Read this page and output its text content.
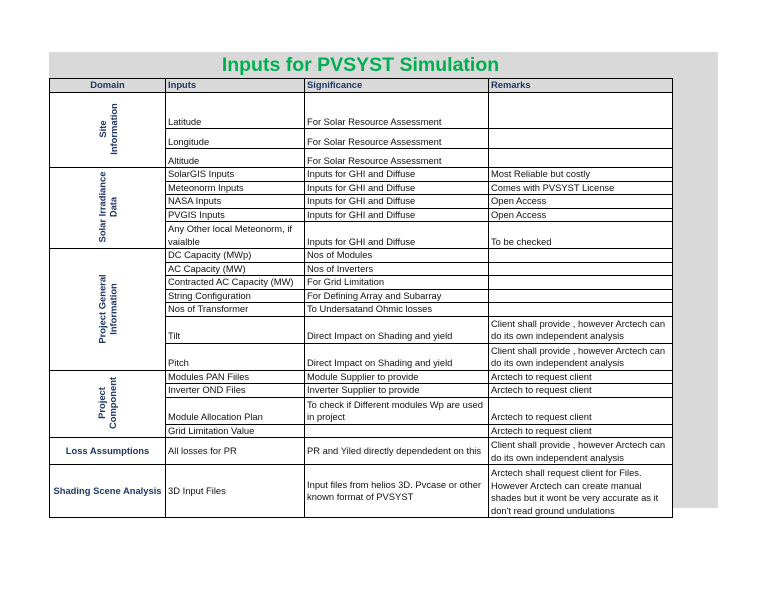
Inputs for PVSYST Simulation
Domain	Inputs	Significance	Remarks
Site
Information	Latitude	For Solar Resource Assessment	
	Longitude	For Solar Resource Assessment	
	Altitude	For Solar Resource Assessment	
Solar Irradiance
Data	SolarGIS Inputs	Inputs for GHI and Diffuse	Most Reliable but costly
	Meteonorm Inputs	Inputs for GHI and Diffuse	Comes with PVSYST License
	NASA Inputs	Inputs for GHI and Diffuse	Open Access
	PVGIS Inputs	Inputs for GHI and Diffuse	Open Access
	Any Other local Meteonorm, if vaialble	Inputs for GHI and Diffuse	To be checked
Project General
Information	DC Capacity (MWp)	Nos of Modules	
	AC Capacity (MW)	Nos of Inverters	
	Contracted AC Capacity (MW)	For Grid Limitation	
	String Configuration	For Defining Array and Subarray	
	Nos of Transformer	To Undersatand Ohmic losses	
	Tilt	Direct Impact on Shading and yield	Client shall provide , however Arctech can do its own independent analysis
	Pitch	Direct Impact on Shading and yield	Client shall provide , however Arctech can do its own independent analysis
Project
Component	Modules PAN Fiiles	Module Supplier to provide	Arctech to request client
	Inverter OND Files	Inverter Supplier to provide	Arctech to request client
	Module Allocation Plan	To check if Different modules Wp are used in project	Arctech to request client
	Grid Limitation Value		Arctech to request client
Loss Assumptions	All losses for PR	PR and Yiled directly dependedent on this	Client shall provide , however Arctech can do its own independent analysis
Shading Scene Analysis	3D Input Files	Input files from helios 3D. Pvcase or other known format of PVSYST	Arctech shall request client for Files. However Arctech can create manual shades but it wont be very accurate as it don't read ground undulations
